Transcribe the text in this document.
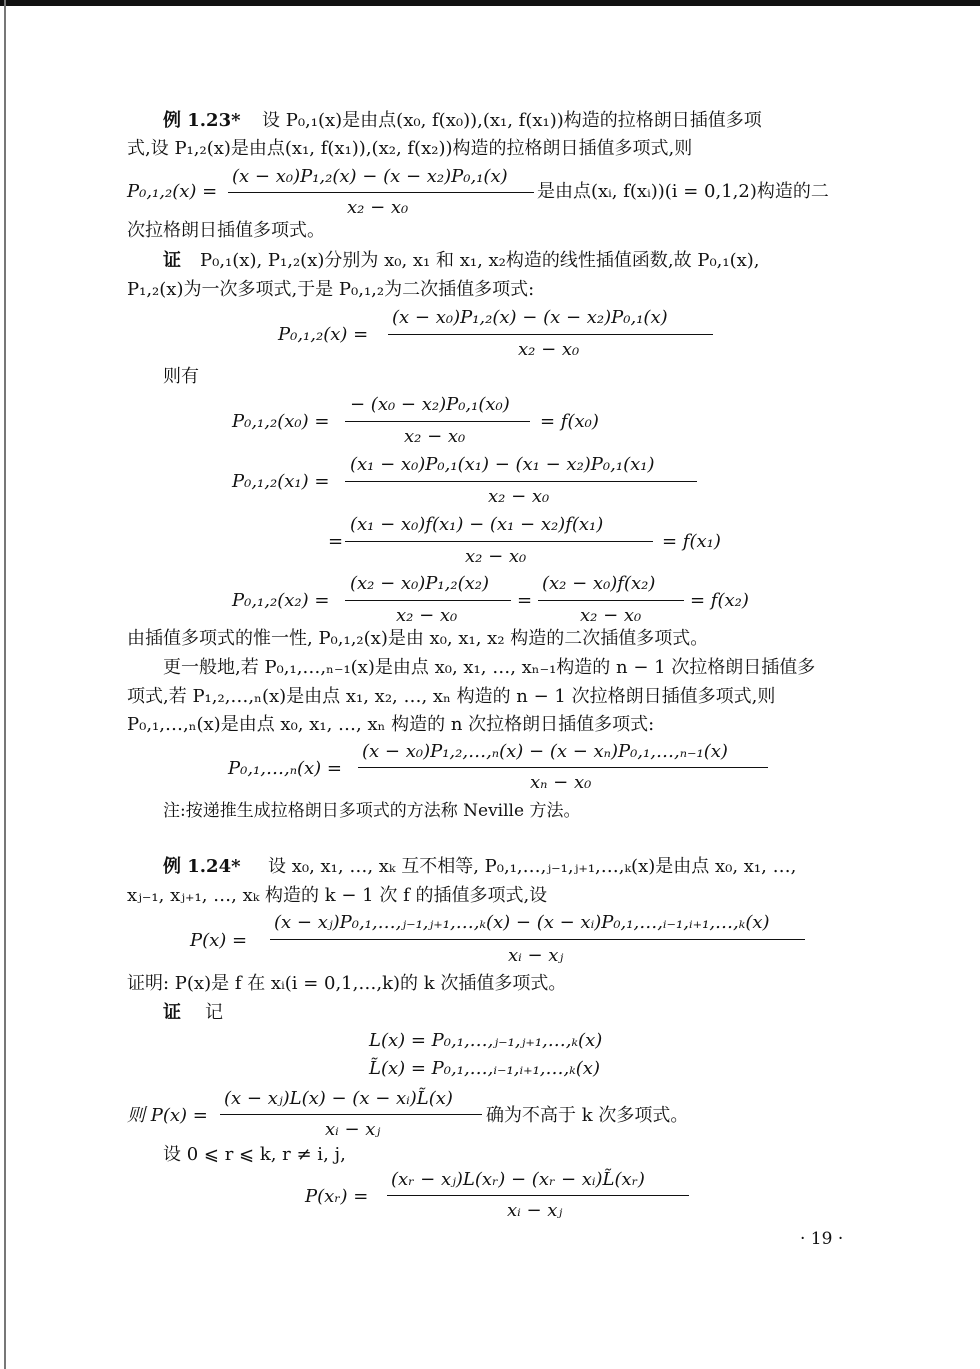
例 1.23* 设 P₀,₁(x)是由点(x₀, f(x₀)),(x₁, f(x₁))构造的拉格朗日插值多项
式,设 P₁,₂(x)是由点(x₁, f(x₁)),(x₂, f(x₂))构造的拉格朗日插值多项式,则
P₀,₁,₂(x) =
(x − x₀)P₁,₂(x) − (x − x₂)P₀,₁(x)
x₂ − x₀
是由点(xᵢ, f(xᵢ))(i = 0,1,2)构造的二
次拉格朗日插值多项式。
证 P₀,₁(x), P₁,₂(x)分别为 x₀, x₁ 和 x₁, x₂构造的线性插值函数,故 P₀,₁(x),
P₁,₂(x)为一次多项式,于是 P₀,₁,₂为二次插值多项式:
P₀,₁,₂(x) =
(x − x₀)P₁,₂(x) − (x − x₂)P₀,₁(x)
x₂ − x₀
则有
P₀,₁,₂(x₀) =
− (x₀ − x₂)P₀,₁(x₀)
x₂ − x₀
= f(x₀)
P₀,₁,₂(x₁) =
(x₁ − x₀)P₀,₁(x₁) − (x₁ − x₂)P₀,₁(x₁)
x₂ − x₀
=
(x₁ − x₀)f(x₁) − (x₁ − x₂)f(x₁)
x₂ − x₀
= f(x₁)
P₀,₁,₂(x₂) =
(x₂ − x₀)P₁,₂(x₂)
x₂ − x₀
=
(x₂ − x₀)f(x₂)
x₂ − x₀
= f(x₂)
由插值多项式的惟一性, P₀,₁,₂(x)是由 x₀, x₁, x₂ 构造的二次插值多项式。
更一般地,若 P₀,₁,…,ₙ₋₁(x)是由点 x₀, x₁, …, xₙ₋₁构造的 n − 1 次拉格朗日插值多
项式,若 P₁,₂,…,ₙ(x)是由点 x₁, x₂, …, xₙ 构造的 n − 1 次拉格朗日插值多项式,则
P₀,₁,…,ₙ(x)是由点 x₀, x₁, …, xₙ 构造的 n 次拉格朗日插值多项式:
P₀,₁,…,ₙ(x) =
(x − x₀)P₁,₂,…,ₙ(x) − (x − xₙ)P₀,₁,…,ₙ₋₁(x)
xₙ − x₀
注:按递推生成拉格朗日多项式的方法称 Neville 方法。
例 1.24* 设 x₀, x₁, …, xₖ 互不相等, P₀,₁,…,ⱼ₋₁,ⱼ₊₁,…,ₖ(x)是由点 x₀, x₁, …,
xⱼ₋₁, xⱼ₊₁, …, xₖ 构造的 k − 1 次 f 的插值多项式,设
P(x) =
(x − xⱼ)P₀,₁,…,ⱼ₋₁,ⱼ₊₁,…,ₖ(x) − (x − xᵢ)P₀,₁,…,ᵢ₋₁,ᵢ₊₁,…,ₖ(x)
xᵢ − xⱼ
证明: P(x)是 f 在 xᵢ(i = 0,1,…,k)的 k 次插值多项式。
证 记
L(x) = P₀,₁,…,ⱼ₋₁,ⱼ₊₁,…,ₖ(x)
L̃(x) = P₀,₁,…,ᵢ₋₁,ᵢ₊₁,…,ₖ(x)
则 P(x) =
(x − xⱼ)L(x) − (x − xᵢ)L̃(x)
xᵢ − xⱼ
确为不高于 k 次多项式。
设 0 ⩽ r ⩽ k, r ≠ i, j,
P(xᵣ) =
(xᵣ − xⱼ)L(xᵣ) − (xᵣ − xᵢ)L̃(xᵣ)
xᵢ − xⱼ
· 19 ·
